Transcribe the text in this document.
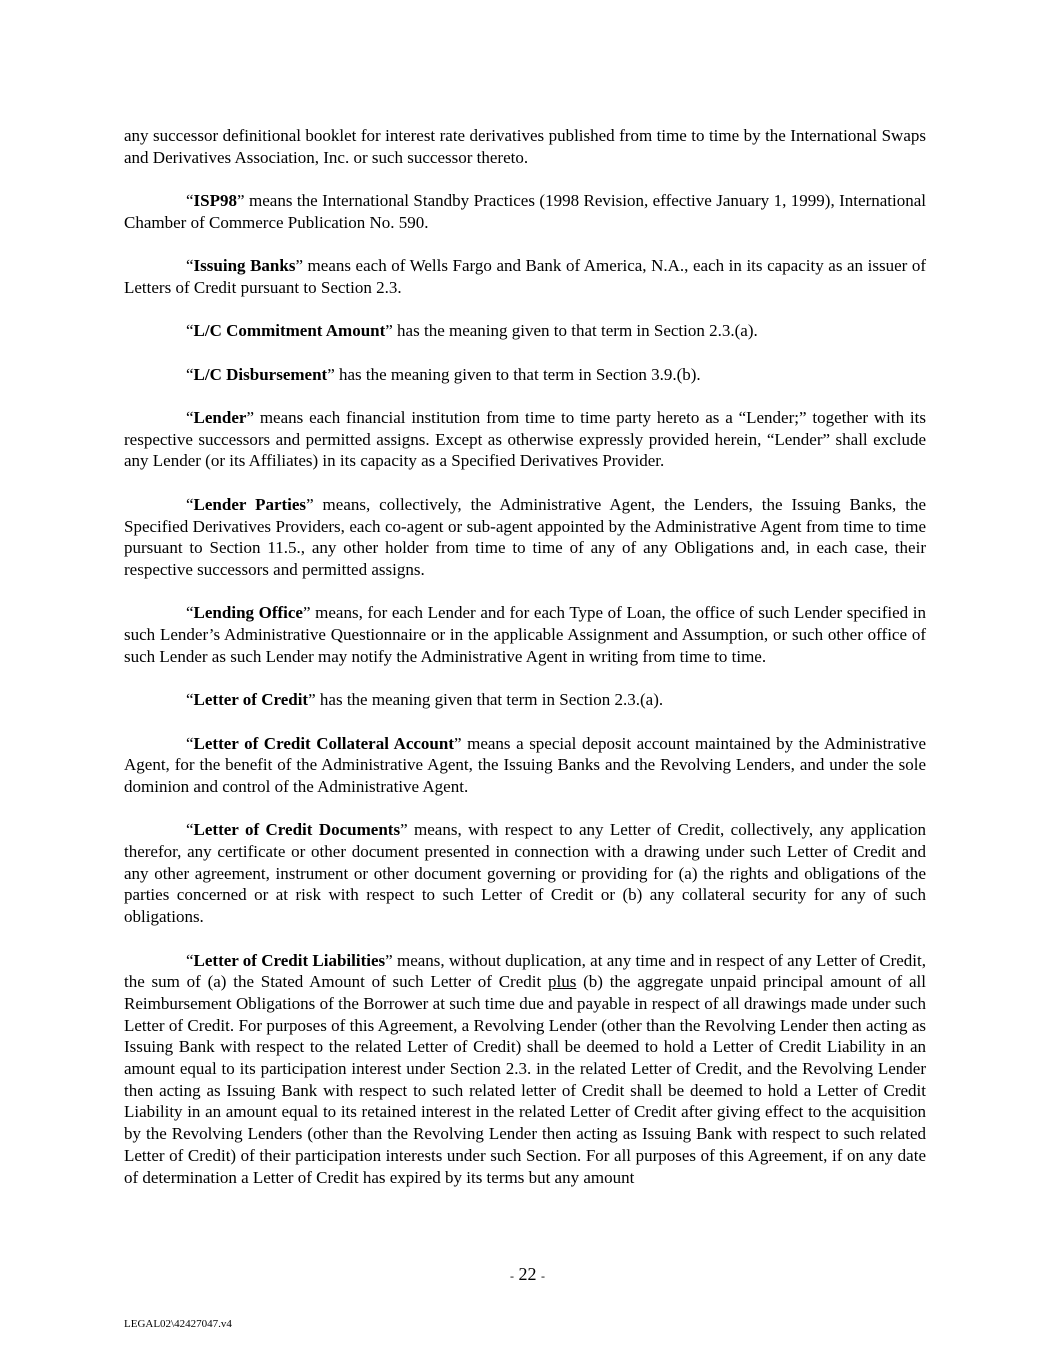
any successor definitional booklet for interest rate derivatives published from time to time by the International Swaps and Derivatives Association, Inc. or such successor thereto.

“ISP98” means the International Standby Practices (1998 Revision, effective January 1, 1999), International Chamber of Commerce Publication No. 590.

“Issuing Banks” means each of Wells Fargo and Bank of America, N.A., each in its capacity as an issuer of Letters of Credit pursuant to Section 2.3.

“L/C Commitment Amount” has the meaning given to that term in Section 2.3.(a).

“L/C Disbursement” has the meaning given to that term in Section 3.9.(b).

“Lender” means each financial institution from time to time party hereto as a “Lender;” together with its respective successors and permitted assigns. Except as otherwise expressly provided herein, “Lender” shall exclude any Lender (or its Affiliates) in its capacity as a Specified Derivatives Provider.

“Lender Parties” means, collectively, the Administrative Agent, the Lenders, the Issuing Banks, the Specified Derivatives Providers, each co-agent or sub-agent appointed by the Administrative Agent from time to time pursuant to Section 11.5., any other holder from time to time of any of any Obligations and, in each case, their respective successors and permitted assigns.

“Lending Office” means, for each Lender and for each Type of Loan, the office of such Lender specified in such Lender’s Administrative Questionnaire or in the applicable Assignment and Assumption, or such other office of such Lender as such Lender may notify the Administrative Agent in writing from time to time.

“Letter of Credit” has the meaning given that term in Section 2.3.(a).

“Letter of Credit Collateral Account” means a special deposit account maintained by the Administrative Agent, for the benefit of the Administrative Agent, the Issuing Banks and the Revolving Lenders, and under the sole dominion and control of the Administrative Agent.

“Letter of Credit Documents” means, with respect to any Letter of Credit, collectively, any application therefor, any certificate or other document presented in connection with a drawing under such Letter of Credit and any other agreement, instrument or other document governing or providing for (a) the rights and obligations of the parties concerned or at risk with respect to such Letter of Credit or (b) any collateral security for any of such obligations.

“Letter of Credit Liabilities” means, without duplication, at any time and in respect of any Letter of Credit, the sum of (a) the Stated Amount of such Letter of Credit plus (b) the aggregate unpaid principal amount of all Reimbursement Obligations of the Borrower at such time due and payable in respect of all drawings made under such Letter of Credit. For purposes of this Agreement, a Revolving Lender (other than the Revolving Lender then acting as Issuing Bank with respect to the related Letter of Credit) shall be deemed to hold a Letter of Credit Liability in an amount equal to its participation interest under Section 2.3. in the related Letter of Credit, and the Revolving Lender then acting as Issuing Bank with respect to such related letter of Credit shall be deemed to hold a Letter of Credit Liability in an amount equal to its retained interest in the related Letter of Credit after giving effect to the acquisition by the Revolving Lenders (other than the Revolving Lender then acting as Issuing Bank with respect to such related Letter of Credit) of their participation interests under such Section. For all purposes of this Agreement, if on any date of determination a Letter of Credit has expired by its terms but any amount

- 22 -
LEGAL02\42427047.v4
